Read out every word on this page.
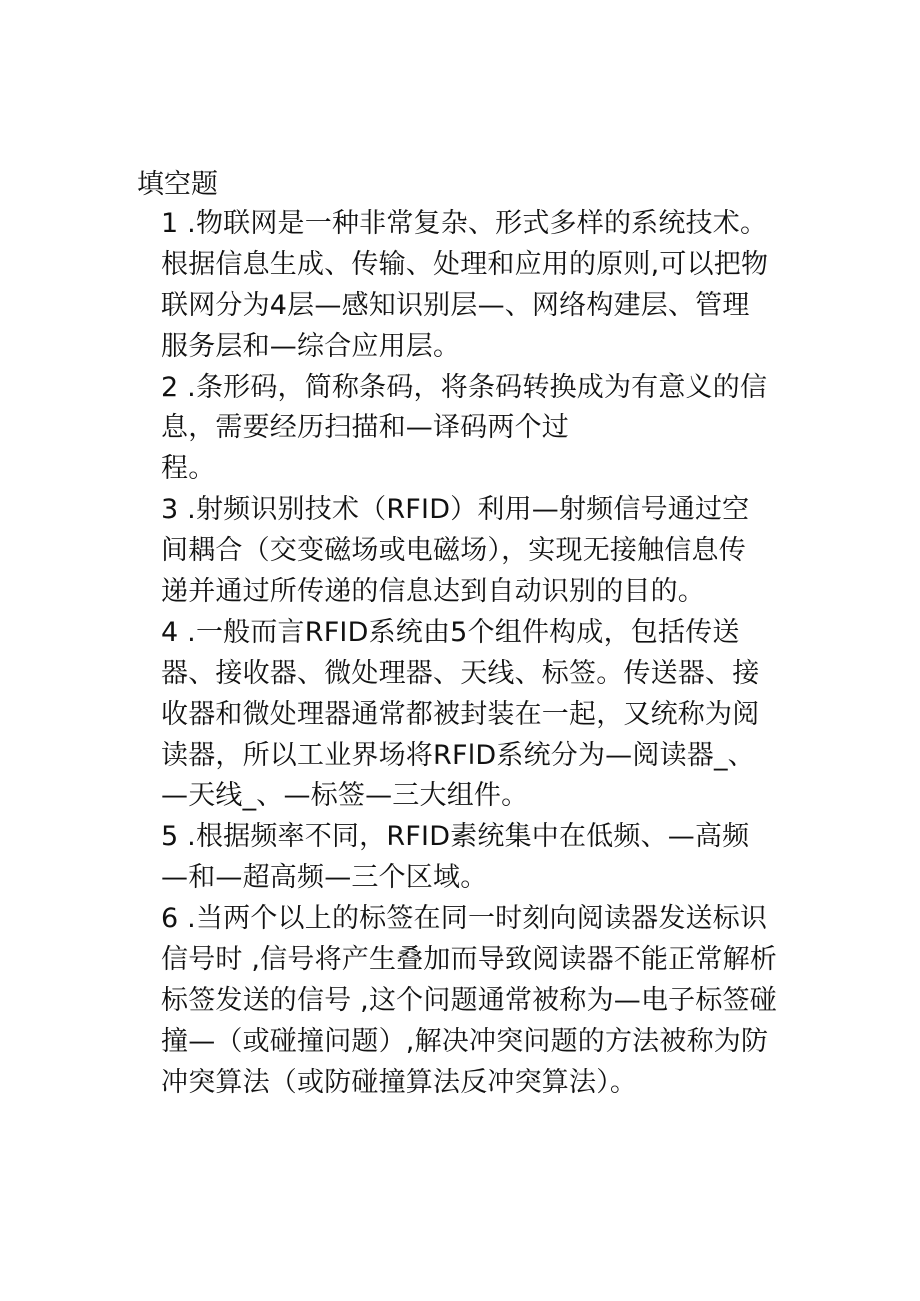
填空题
1 .物联网是一种非常复杂、形式多样的系统技术。
根据信息生成、传输、处理和应用的原则,可以把物
联网分为4层—感知识别层—、网络构建层、管理
服务层和—综合应用层。
2 .条形码，简称条码，将条码转换成为有意义的信
息，需要经历扫描和—译码两个过
程。
3 .射频识别技术（RFID）利用—射频信号通过空
间耦合（交变磁场或电磁场），实现无接触信息传
递并通过所传递的信息达到自动识别的目的。
4 .一般而言RFID系统由5个组件构成，包括传送
器、接收器、微处理器、天线、标签。传送器、接
收器和微处理器通常都被封装在一起，又统称为阅
读器，所以工业界场将RFlD系统分为—阅读器_、
—天线_、—标签—三大组件。
5 .根据频率不同，RFID素统集中在低频、—高频
—和—超高频—三个区域。
6 .当两个以上的标签在同一时刻向阅读器发送标识
信号时 ,信号将产生叠加而导致阅读器不能正常解析
标签发送的信号 ,这个问题通常被称为—电子标签碰
撞—（或碰撞问题）,解决冲突问题的方法被称为防
冲突算法（或防碰撞算法反冲突算法）。
